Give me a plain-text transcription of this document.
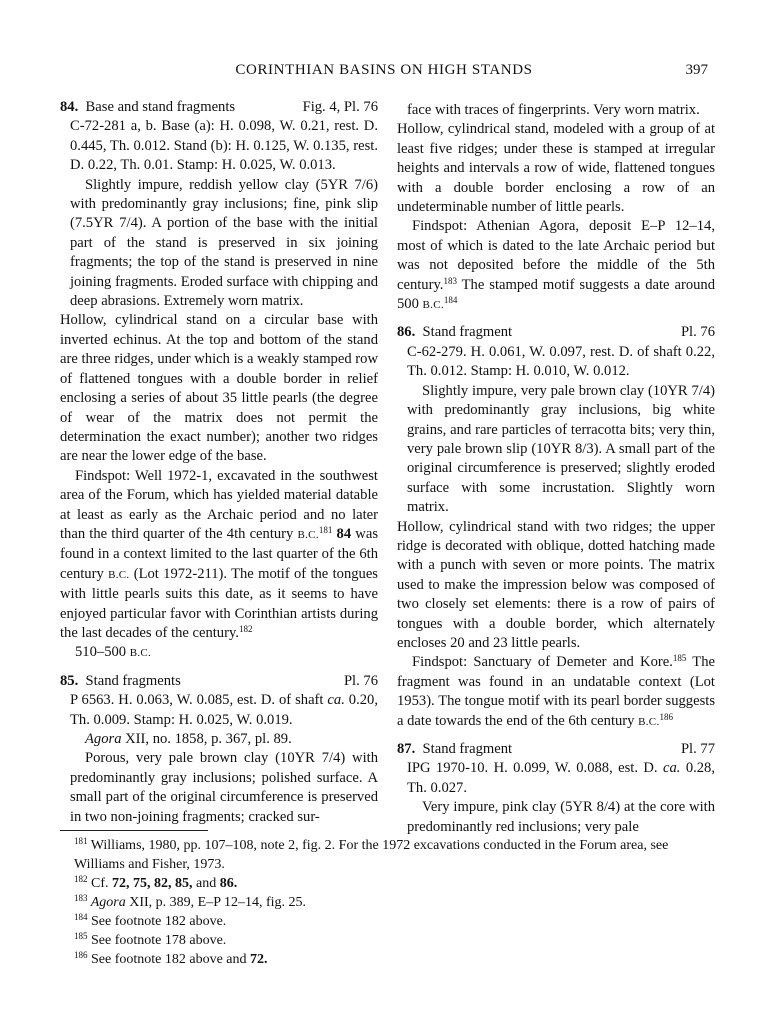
CORINTHIAN BASINS ON HIGH STANDS	397
84. Base and stand fragments	Fig. 4, Pl. 76

C-72-281 a, b. Base (a): H. 0.098, W. 0.21, rest. D. 0.445, Th. 0.012. Stand (b): H. 0.125, W. 0.135, rest. D. 0.22, Th. 0.01. Stamp: H. 0.025, W. 0.013.

Slightly impure, reddish yellow clay (5YR 7/6) with predominantly gray inclusions; fine, pink slip (7.5YR 7/4). A portion of the base with the initial part of the stand is preserved in six joining fragments; the top of the stand is preserved in nine joining fragments. Eroded surface with chipping and deep abrasions. Extremely worn matrix.

Hollow, cylindrical stand on a circular base with inverted echinus. At the top and bottom of the stand are three ridges, under which is a weakly stamped row of flattened tongues with a double border in relief enclosing a series of about 35 little pearls (the degree of wear of the matrix does not permit the determination the exact number); another two ridges are near the lower edge of the base.

Findspot: Well 1972-1, excavated in the southwest area of the Forum, which has yielded material datable at least as early as the Archaic period and no later than the third quarter of the 4th century B.C.$^{181}$ 84 was found in a context limited to the last quarter of the 6th century B.C. (Lot 1972-211). The motif of the tongues with little pearls suits this date, as it seems to have enjoyed particular favor with Corinthian artists during the last decades of the century.$^{182}$

510–500 B.C.

85. Stand fragments	Pl. 76

P 6563. H. 0.063, W. 0.085, est. D. of shaft ca. 0.20, Th. 0.009. Stamp: H. 0.025, W. 0.019.

Agora XII, no. 1858, p. 367, pl. 89.

Porous, very pale brown clay (10YR 7/4) with predominantly gray inclusions; polished surface. A small part of the original circumference is preserved in two non-joining fragments; cracked sur-

face with traces of fingerprints. Very worn matrix.

Hollow, cylindrical stand, modeled with a group of at least five ridges; under these is stamped at irregular heights and intervals a row of wide, flattened tongues with a double border enclosing a row of an undeterminable number of little pearls.

Findspot: Athenian Agora, deposit E–P 12–14, most of which is dated to the late Archaic period but was not deposited before the middle of the 5th century.$^{183}$ The stamped motif suggests a date around 500 B.C.$^{184}$

86. Stand fragment	Pl. 76

C-62-279. H. 0.061, W. 0.097, rest. D. of shaft 0.22, Th. 0.012. Stamp: H. 0.010, W. 0.012.

Slightly impure, very pale brown clay (10YR 7/4) with predominantly gray inclusions, big white grains, and rare particles of terracotta bits; very thin, very pale brown slip (10YR 8/3). A small part of the original circumference is preserved; slightly eroded surface with some incrustation. Slightly worn matrix.

Hollow, cylindrical stand with two ridges; the upper ridge is decorated with oblique, dotted hatching made with a punch with seven or more points. The matrix used to make the impression below was composed of two closely set elements: there is a row of pairs of tongues with a double border, which alternately encloses 20 and 23 little pearls.

Findspot: Sanctuary of Demeter and Kore.$^{185}$ The fragment was found in an undatable context (Lot 1953). The tongue motif with its pearl border suggests a date towards the end of the 6th century B.C.$^{186}$

87. Stand fragment	Pl. 77

IPG 1970-10. H. 0.099, W. 0.088, est. D. ca. 0.28, Th. 0.027.

Very impure, pink clay (5YR 8/4) at the core with predominantly red inclusions; very pale

$^{181}$ Williams, 1980, pp. 107–108, note 2, fig. 2. For the 1972 excavations conducted in the Forum area, see Williams and Fisher, 1973.

$^{182}$ Cf. 72, 75, 82, 85, and 86.

$^{183}$ Agora XII, p. 389, E–P 12–14, fig. 25.

$^{184}$ See footnote 182 above.

$^{185}$ See footnote 178 above.

$^{186}$ See footnote 182 above and 72.
